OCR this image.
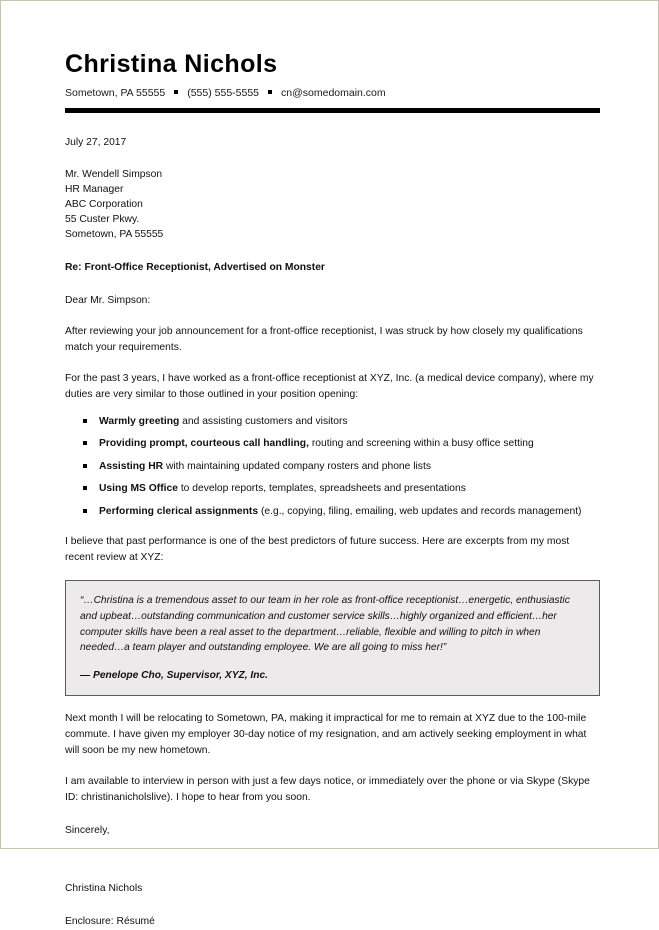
Christina Nichols
Sometown, PA 55555 (555) 555-5555 cn@somedomain.com
July 27, 2017
Mr. Wendell Simpson
HR Manager
ABC Corporation
55 Custer Pkwy.
Sometown, PA 55555
Re: Front-Office Receptionist, Advertised on Monster
Dear Mr. Simpson:

After reviewing your job announcement for a front-office receptionist, I was struck by how closely my qualifications match your requirements.

For the past 3 years, I have worked as a front-office receptionist at XYZ, Inc. (a medical device company), where my duties are very similar to those outlined in your position opening:

Warmly greeting and assisting customers and visitors
Providing prompt, courteous call handling, routing and screening within a busy office setting
Assisting HR with maintaining updated company rosters and phone lists
Using MS Office to develop reports, templates, spreadsheets and presentations
Performing clerical assignments (e.g., copying, filing, emailing, web updates and records management)

I believe that past performance is one of the best predictors of future success. Here are excerpts from my most recent review at XYZ:

“…Christina is a tremendous asset to our team in her role as front-office receptionist…energetic, enthusiastic and upbeat…outstanding communication and customer service skills…highly organized and efficient…her computer skills have been a real asset to the department…reliable, flexible and willing to pitch in when needed…a team player and outstanding employee. We are all going to miss her!”

— Penelope Cho, Supervisor, XYZ, Inc.

Next month I will be relocating to Sometown, PA, making it impractical for me to remain at XYZ due to the 100-mile commute. I have given my employer 30-day notice of my resignation, and am actively seeking employment in what will soon be my new hometown.

I am available to interview in person with just a few days notice, or immediately over the phone or via Skype (Skype ID: christinanicholslive). I hope to hear from you soon.

Sincerely,
Christina Nichols
Enclosure: Résumé
